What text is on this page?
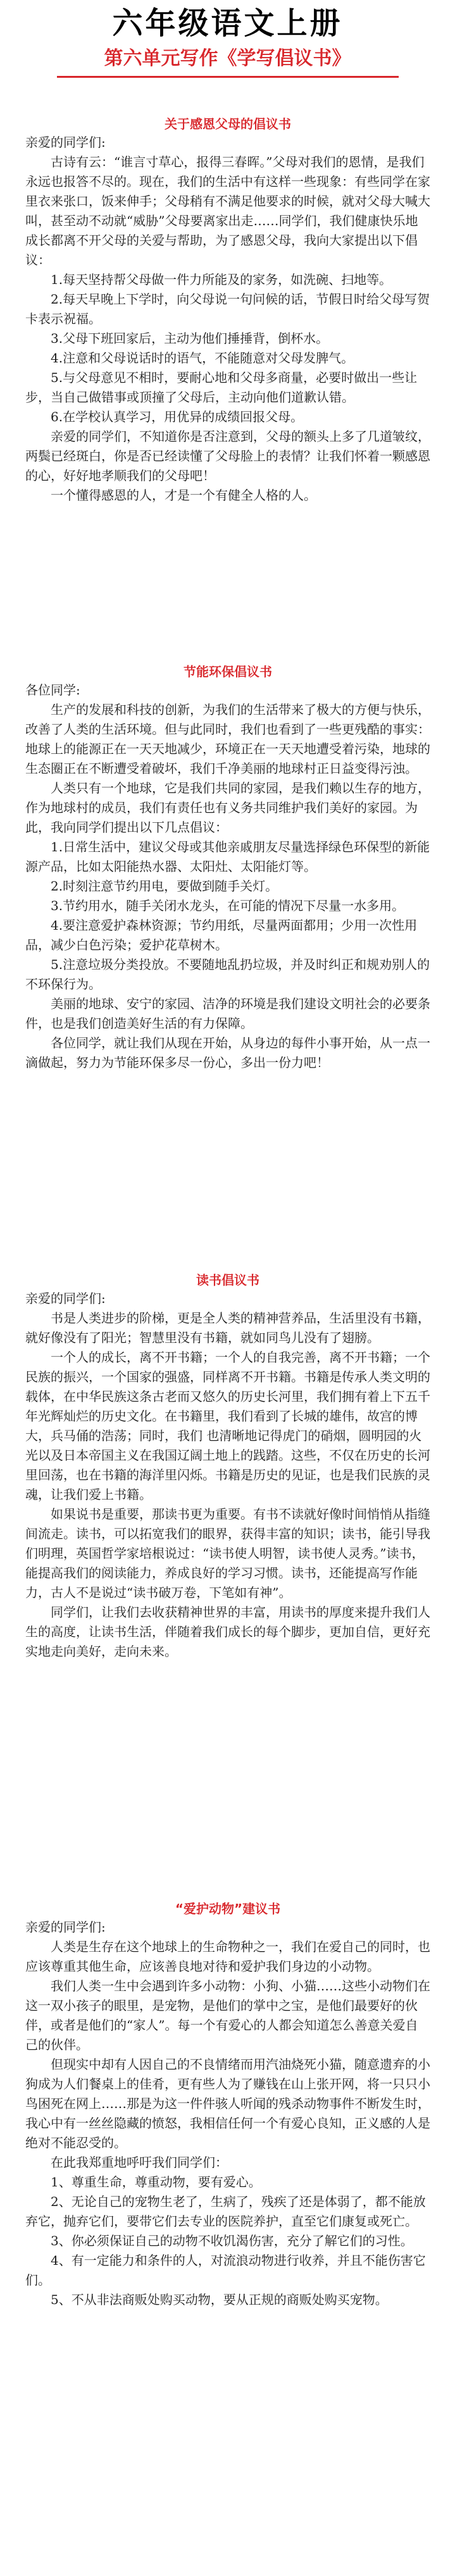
六年级语文上册
第六单元写作《学写倡议书》
关于感恩父母的倡议书

亲爱的同学们:

古诗有云：“谁言寸草心，报得三春晖。”父母对我们的恩情，是我们永远也报答不尽的。现在，我们的生活中有这样一些现象：有些同学在家里衣来张口，饭来伸手；父母稍有不满足他要求的时候，就对父母大喊大叫，甚至动不动就“威胁”父母要离家出走……同学们，我们健康快乐地成长都离不开父母的关爱与帮助，为了感恩父母，我向大家提出以下倡议：

1.每天坚持帮父母做一件力所能及的家务，如洗碗、扫地等。

2.每天早晚上下学时，向父母说一句问候的话，节假日时给父母写贺卡表示祝福。

3.父母下班回家后，主动为他们捶捶背，倒杯水。

4.注意和父母说话时的语气，不能随意对父母发脾气。

5.与父母意见不相时，要耐心地和父母多商量，必要时做出一些让步，当自己做错事或顶撞了父母后，主动向他们道歉认错。

6.在学校认真学习，用优异的成绩回报父母。

亲爱的同学们，不知道你是否注意到，父母的额头上多了几道皱纹，两鬓已经斑白，你是否已经读懂了父母脸上的表情？让我们怀着一颗感恩的心，好好地孝顺我们的父母吧！

一个懂得感恩的人，才是一个有健全人格的人。

节能环保倡议书

各位同学:

生产的发展和科技的创新，为我们的生活带来了极大的方便与快乐，改善了人类的生活环境。但与此同时，我们也看到了一些更残酷的事实：地球上的能源正在一天天地减少，环境正在一天天地遭受着污染，地球的生态圈正在不断遭受着破坏，我们千净美丽的地球村正日益变得污浊。

人类只有一个地球，它是我们共同的家园，是我们赖以生存的地方，作为地球村的成员，我们有责任也有义务共同维护我们美好的家园。为此，我向同学们提出以下几点倡议：

1.日常生活中，建议父母或其他亲戚朋友尽量选择绿色环保型的新能源产品，比如太阳能热水器、太阳灶、太阳能灯等。

2.时刻注意节约用电，要做到随手关灯。

3.节约用水，随手关闭水龙头，在可能的情况下尽量一水多用。

4.要注意爱护森林资源；节约用纸，尽量两面都用；少用一次性用品，减少白色污染；爱护花草树木。

5.注意垃圾分类投放。不要随地乱扔垃圾，并及时纠正和规劝别人的不环保行为。

美丽的地球、安宁的家园、洁净的环境是我们建设文明社会的必要条件，也是我们创造美好生活的有力保障。

各位同学，就让我们从现在开始，从身边的每件小事开始，从一点一滴做起，努力为节能环保多尽一份心，多出一份力吧！

读书倡议书

亲爱的同学们:

书是人类进步的阶梯，更是全人类的精神营养品，生活里没有书籍，就好像没有了阳光；智慧里没有书籍，就如同鸟儿没有了翅膀。

一个人的成长，离不开书籍；一个人的自我完善，离不开书籍；一个民族的振兴，一个国家的强盛，同样离不开书籍。书籍是传承人类文明的载体，在中华民族这条古老而又悠久的历史长河里，我们拥有着上下五千年光辉灿烂的历史文化。在书籍里，我们看到了长城的雄伟，故宫的博大，兵马俑的浩荡；同时，我们 也清晰地记得虎门的硝烟，圆明园的火光以及日本帝国主义在我国辽阔土地上的践踏。这些，不仅在历史的长河里回荡，也在书籍的海洋里闪烁。书籍是历史的见证，也是我们民族的灵魂，让我们爱上书籍。

如果说书是重要，那读书更为重要。有书不读就好像时间悄悄从指缝间流走。读书，可以拓宽我们的眼界，获得丰富的知识；读书，能引导我们明理，英国哲学家培根说过：“读书使人明智，读书使人灵秀。”读书，能提高我们的阅读能力，养成良好的学习习惯。读书，还能提高写作能力，古人不是说过“读书破万卷，下笔如有神”。

同学们，让我们去收获精神世界的丰富，用读书的厚度来提升我们人生的高度，让读书生活，伴随着我们成长的每个脚步，更加自信，更好充实地走向美好，走向未来。

“爱护动物”建议书

亲爱的同学们:

人类是生存在这个地球上的生命物种之一，我们在爱自己的同时，也应该尊重其他生命，应该善良地对待和爱护我们身边的小动物。

我们人类一生中会遇到许多小动物：小狗、小猫……这些小动物们在这一双小孩子的眼里，是宠物，是他们的掌中之宝，是他们最要好的伙伴，或者是他们的“家人”。每一个有爱心的人都会知道怎么善意关爱自己的伙伴。

但现实中却有人因自己的不良情绪而用汽油烧死小猫，随意遗弃的小狗成为人们餐桌上的佳肴，更有些人为了赚钱在山上张开网，将一只只小鸟困死在网上……那是为这一件件骇人听闻的残杀动物事件不断发生时，我心中有一丝丝隐藏的愤怒，我相信任何一个有爱心良知，正义感的人是绝对不能忍受的。

在此我郑重地呼吁我们同学们：

1、尊重生命，尊重动物，要有爱心。

2、无论自己的宠物生老了，生病了，残疾了还是体弱了，都不能放弃它，抛弃它们，要带它们去专业的医院养护，直至它们康复或死亡。

3、你必须保证自己的动物不收饥渴伤害，充分了解它们的习性。

4、有一定能力和条件的人，对流浪动物进行收养，并且不能伤害它们。

5、不从非法商贩处购买动物，要从正规的商贩处购买宠物。
